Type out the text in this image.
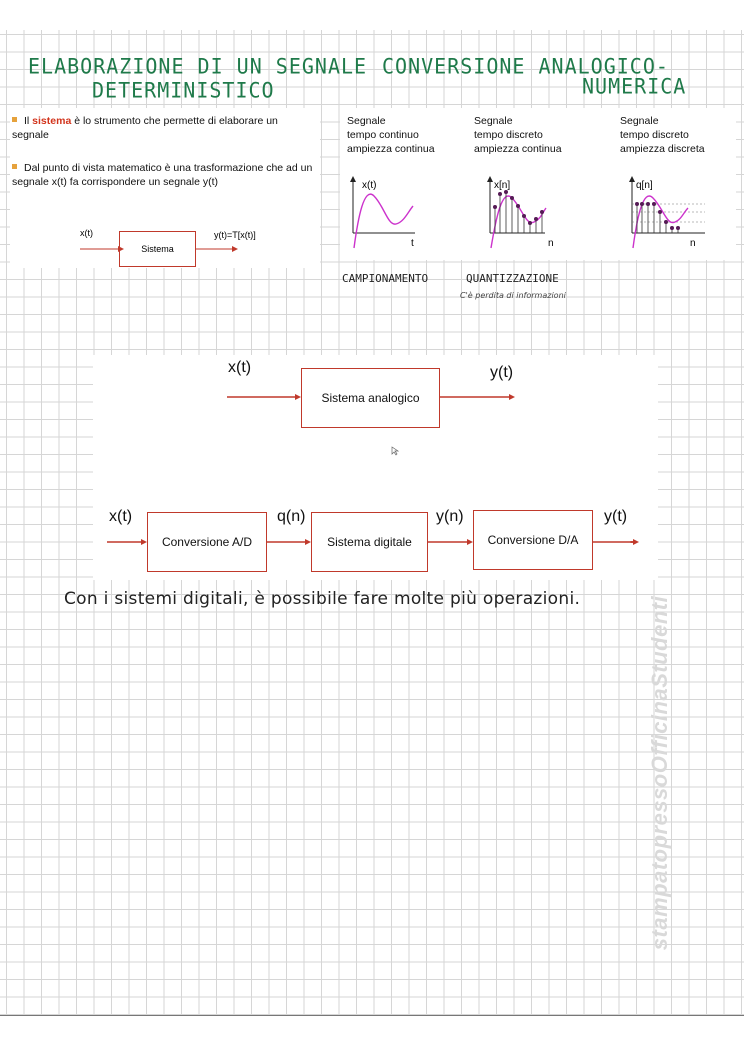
ELABORAZIONE DI UN SEGNALE
DETERMINISTICO
CONVERSIONE ANALOGICO-
NUMERICA
Il sistema è lo strumento che permette di elaborare un segnale
Dal punto di vista matematico è una trasformazione che ad un segnale x(t) fa corrispondere un segnale y(t)
x(t)	y(t)=T[x(t)]
Sistema
Segnale
tempo continuo
ampiezza continua
Segnale
tempo discreto
ampiezza continua
Segnale
tempo discreto
ampiezza discreta
x(t)
t
x[n]
n
q[n]
n
CAMPIONAMENTO	QUANTIZZAZIONE
C'è perdita di informazioni
x(t)
Sistema analogico
y(t)
x(t)
Conversione A/D
q(n)
Sistema digitale
y(n)
Conversione D/A
y(t)
Con i sistemi digitali, è possibile fare molte più operazioni.	stampatopressoOfficinaStudenti
